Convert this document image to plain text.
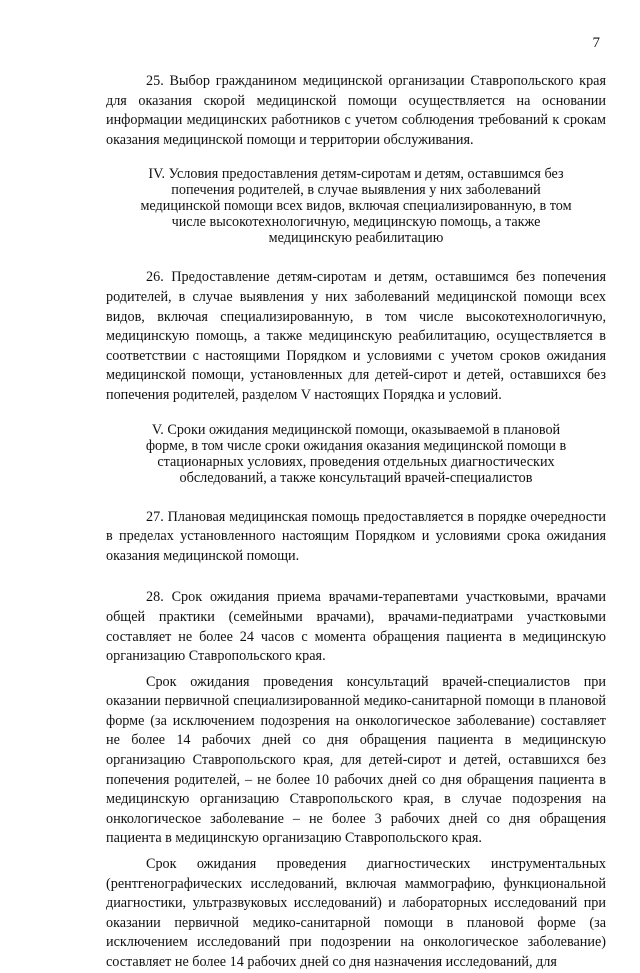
7

25. Выбор гражданином медицинской организации Ставропольского края для оказания скорой медицинской помощи осуществляется на основании информации медицинских работников с учетом соблюдения требований к срокам оказания медицинской помощи и территории обслуживания.

IV. Условия предоставления детям-сиротам и детям, оставшимся без попечения родителей, в случае выявления у них заболеваний медицинской помощи всех видов, включая специализированную, в том числе высокотехнологичную, медицинскую помощь, а также медицинскую реабилитацию

26. Предоставление детям-сиротам и детям, оставшимся без попечения родителей, в случае выявления у них заболеваний медицинской помощи всех видов, включая специализированную, в том числе высокотехнологичную, медицинскую помощь, а также медицинскую реабилитацию, осуществляется в соответствии с настоящими Порядком и условиями с учетом сроков ожидания медицинской помощи, установленных для детей-сирот и детей, оставшихся без попечения родителей, разделом V настоящих Порядка и условий.

V. Сроки ожидания медицинской помощи, оказываемой в плановой форме, в том числе сроки ожидания оказания медицинской помощи в стационарных условиях, проведения отдельных диагностических обследований, а также консультаций врачей-специалистов

27. Плановая медицинская помощь предоставляется в порядке очередности в пределах установленного настоящим Порядком и условиями срока ожидания оказания медицинской помощи.

28. Срок ожидания приема врачами-терапевтами участковыми, врачами общей практики (семейными врачами), врачами-педиатрами участковыми составляет не более 24 часов с момента обращения пациента в медицинскую организацию Ставропольского края.

Срок ожидания проведения консультаций врачей-специалистов при оказании первичной специализированной медико-санитарной помощи в плановой форме (за исключением подозрения на онкологическое заболевание) составляет не более 14 рабочих дней со дня обращения пациента в медицинскую организацию Ставропольского края, для детей-сирот и детей, оставшихся без попечения родителей, – не более 10 рабочих дней со дня обращения пациента в медицинскую организацию Ставропольского края, в случае подозрения на онкологическое заболевание – не более 3 рабочих дней со дня обращения пациента в медицинскую организацию Ставропольского края.

Срок ожидания проведения диагностических инструментальных (рентгенографических исследований, включая маммографию, функциональной диагностики, ультразвуковых исследований) и лабораторных исследований при оказании первичной медико-санитарной помощи в плановой форме (за исключением исследований при подозрении на онкологическое заболевание) составляет не более 14 рабочих дней со дня назначения исследований, для
